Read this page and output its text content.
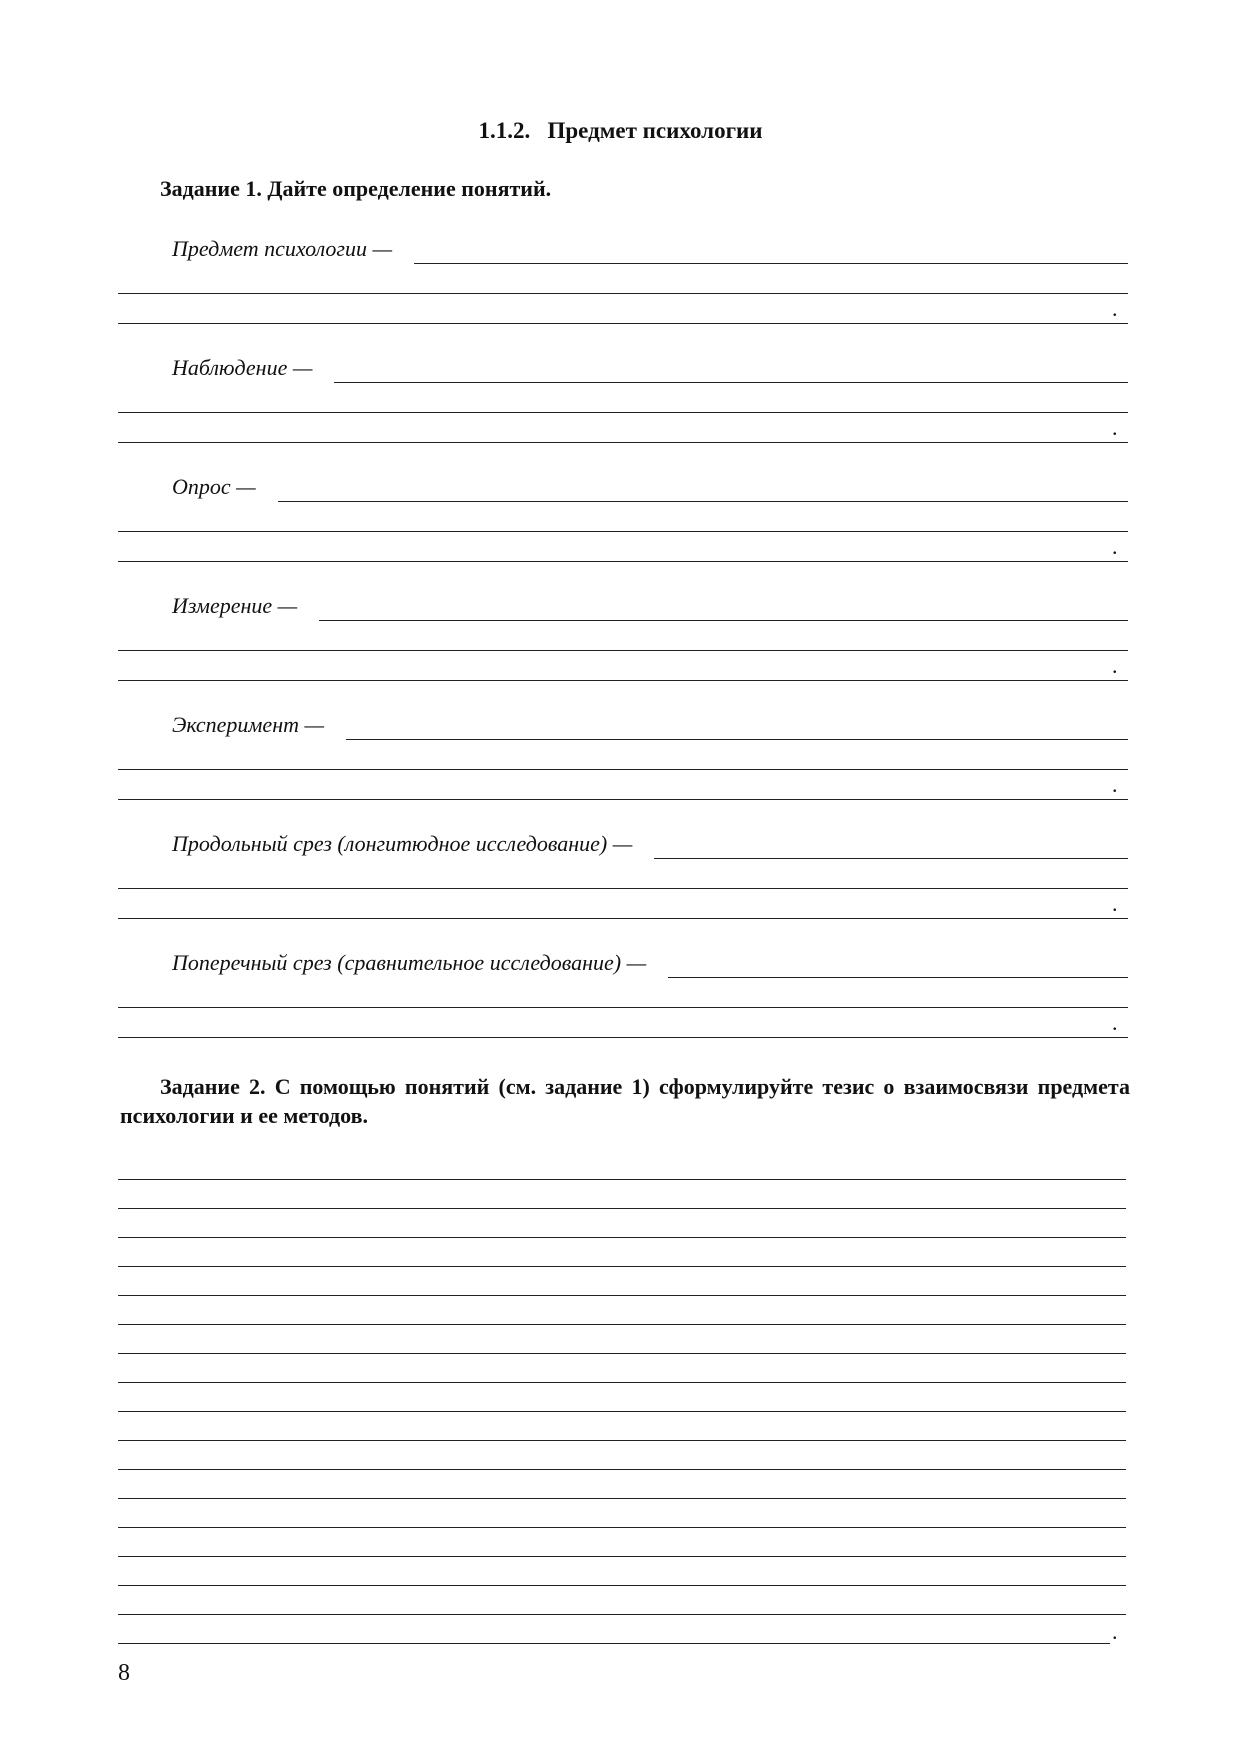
1.1.2. Предмет психологии
Задание 1. Дайте определение понятий.
Предмет психологии —
.
Наблюдение —
.
Опрос —
.
Измерение —
.
Эксперимент —
.
Продольный срез (лонгитюдное исследование) —
.
Поперечный срез (сравнительное исследование) —
.
Задание 2. С помощью понятий (см. задание 1) сформулируйте тезис о взаимосвязи предмета психологии и ее методов.
.
8
